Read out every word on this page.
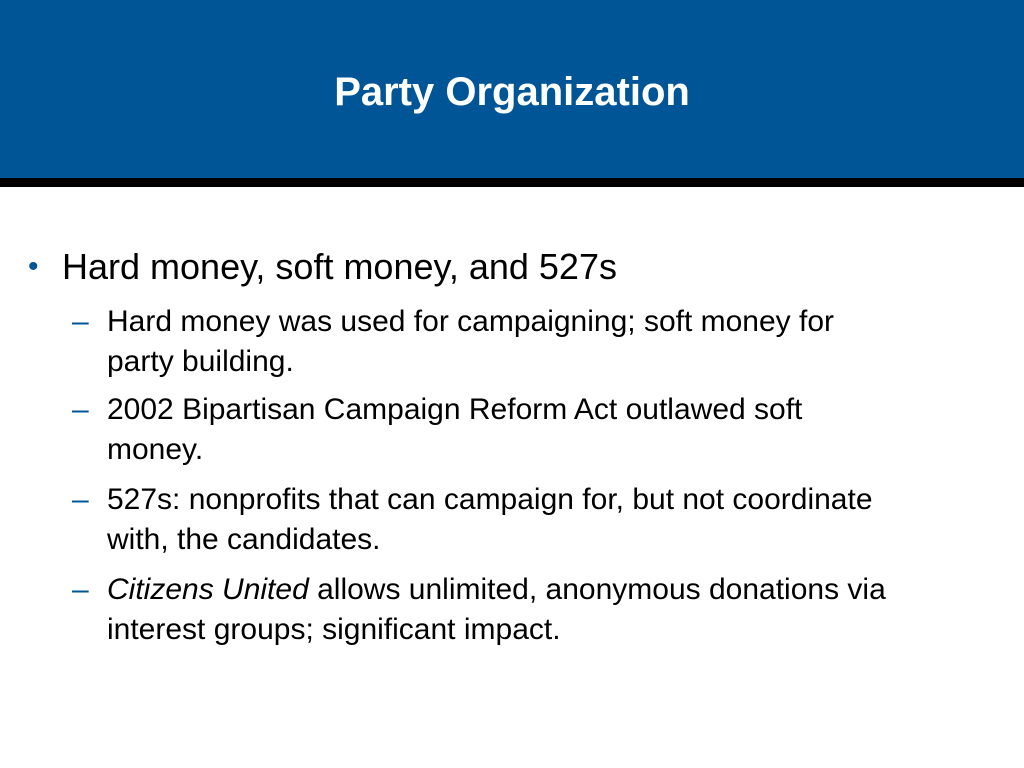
Party Organization
• Hard money, soft money, and 527s
– Hard money was used for campaigning; soft money for
party building.
– 2002 Bipartisan Campaign Reform Act outlawed soft
money.
– 527s: nonprofits that can campaign for, but not coordinate
with, the candidates.
– Citizens United allows unlimited, anonymous donations via
interest groups; significant impact.
